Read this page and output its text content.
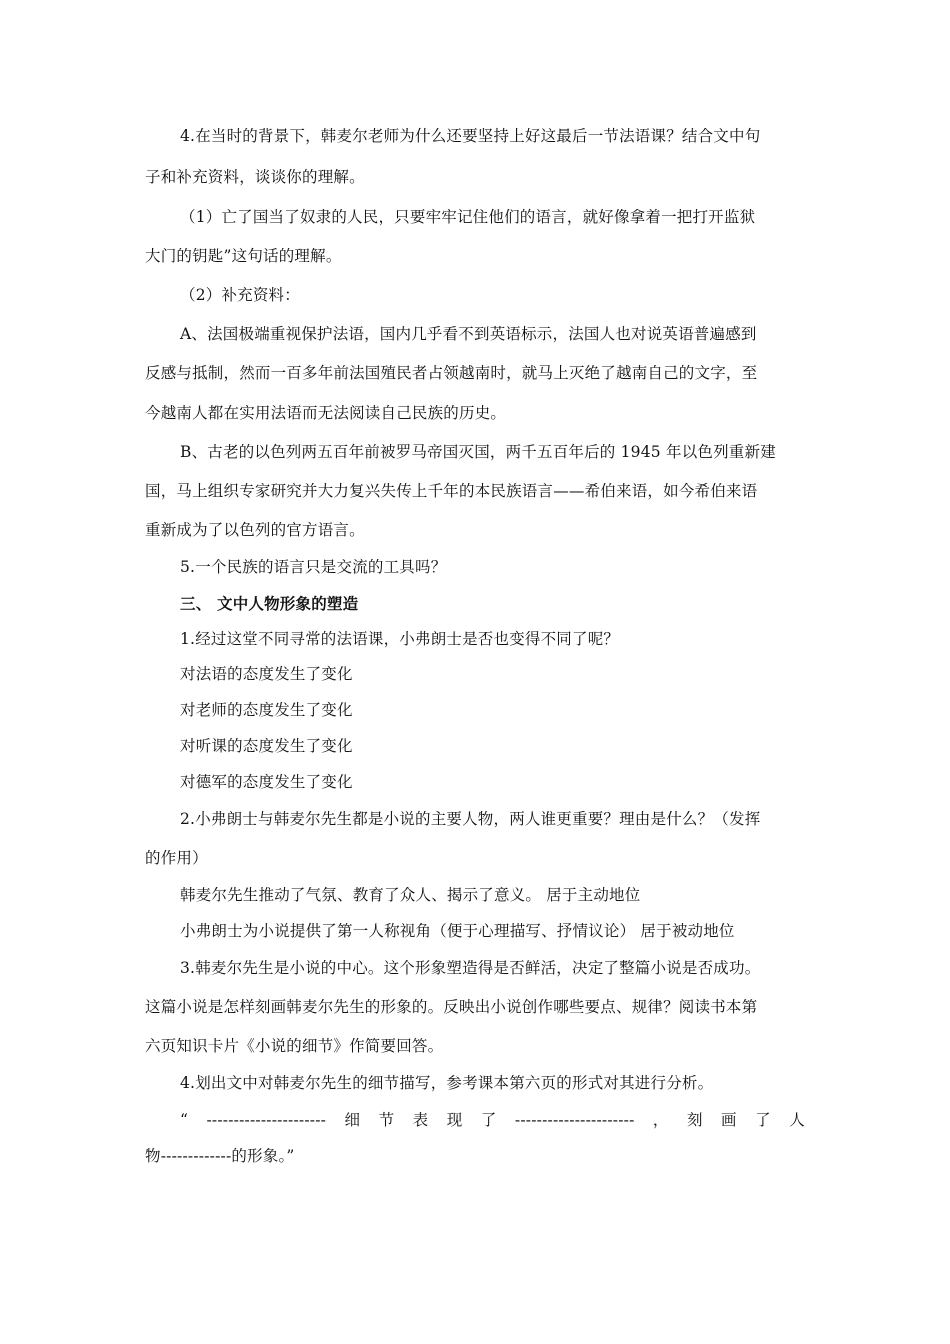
4.在当时的背景下，韩麦尔老师为什么还要坚持上好这最后一节法语课？结合文中句
子和补充资料，谈谈你的理解。
（1）亡了国当了奴隶的人民，只要牢牢记住他们的语言，就好像拿着一把打开监狱
大门的钥匙”这句话的理解。
（2）补充资料：
A、法国极端重视保护法语，国内几乎看不到英语标示，法国人也对说英语普遍感到
反感与抵制，然而一百多年前法国殖民者占领越南时，就马上灭绝了越南自己的文字，至
今越南人都在实用法语而无法阅读自己民族的历史。
B、古老的以色列两五百年前被罗马帝国灭国，两千五百年后的 1945 年以色列重新建
国，马上组织专家研究并大力复兴失传上千年的本民族语言——希伯来语，如今希伯来语
重新成为了以色列的官方语言。
5.一个民族的语言只是交流的工具吗？
三、 文中人物形象的塑造
1.经过这堂不同寻常的法语课，小弗朗士是否也变得不同了呢？
对法语的态度发生了变化
对老师的态度发生了变化
对听课的态度发生了变化
对德军的态度发生了变化
2.小弗朗士与韩麦尔先生都是小说的主要人物，两人谁更重要？理由是什么？（发挥
的作用）
韩麦尔先生推动了气氛、教育了众人、揭示了意义。 居于主动地位
小弗朗士为小说提供了第一人称视角（便于心理描写、抒情议论） 居于被动地位
3.韩麦尔先生是小说的中心。这个形象塑造得是否鲜活，决定了整篇小说是否成功。
这篇小说是怎样刻画韩麦尔先生的形象的。反映出小说创作哪些要点、规律？阅读书本第
六页知识卡片《小说的细节》作简要回答。
4.划出文中对韩麦尔先生的细节描写，参考课本第六页的形式对其进行分析。
“ ---------------------- 细 节 表 现 了 ---------------------- ， 刻 画 了 人
物-------------的形象。”
